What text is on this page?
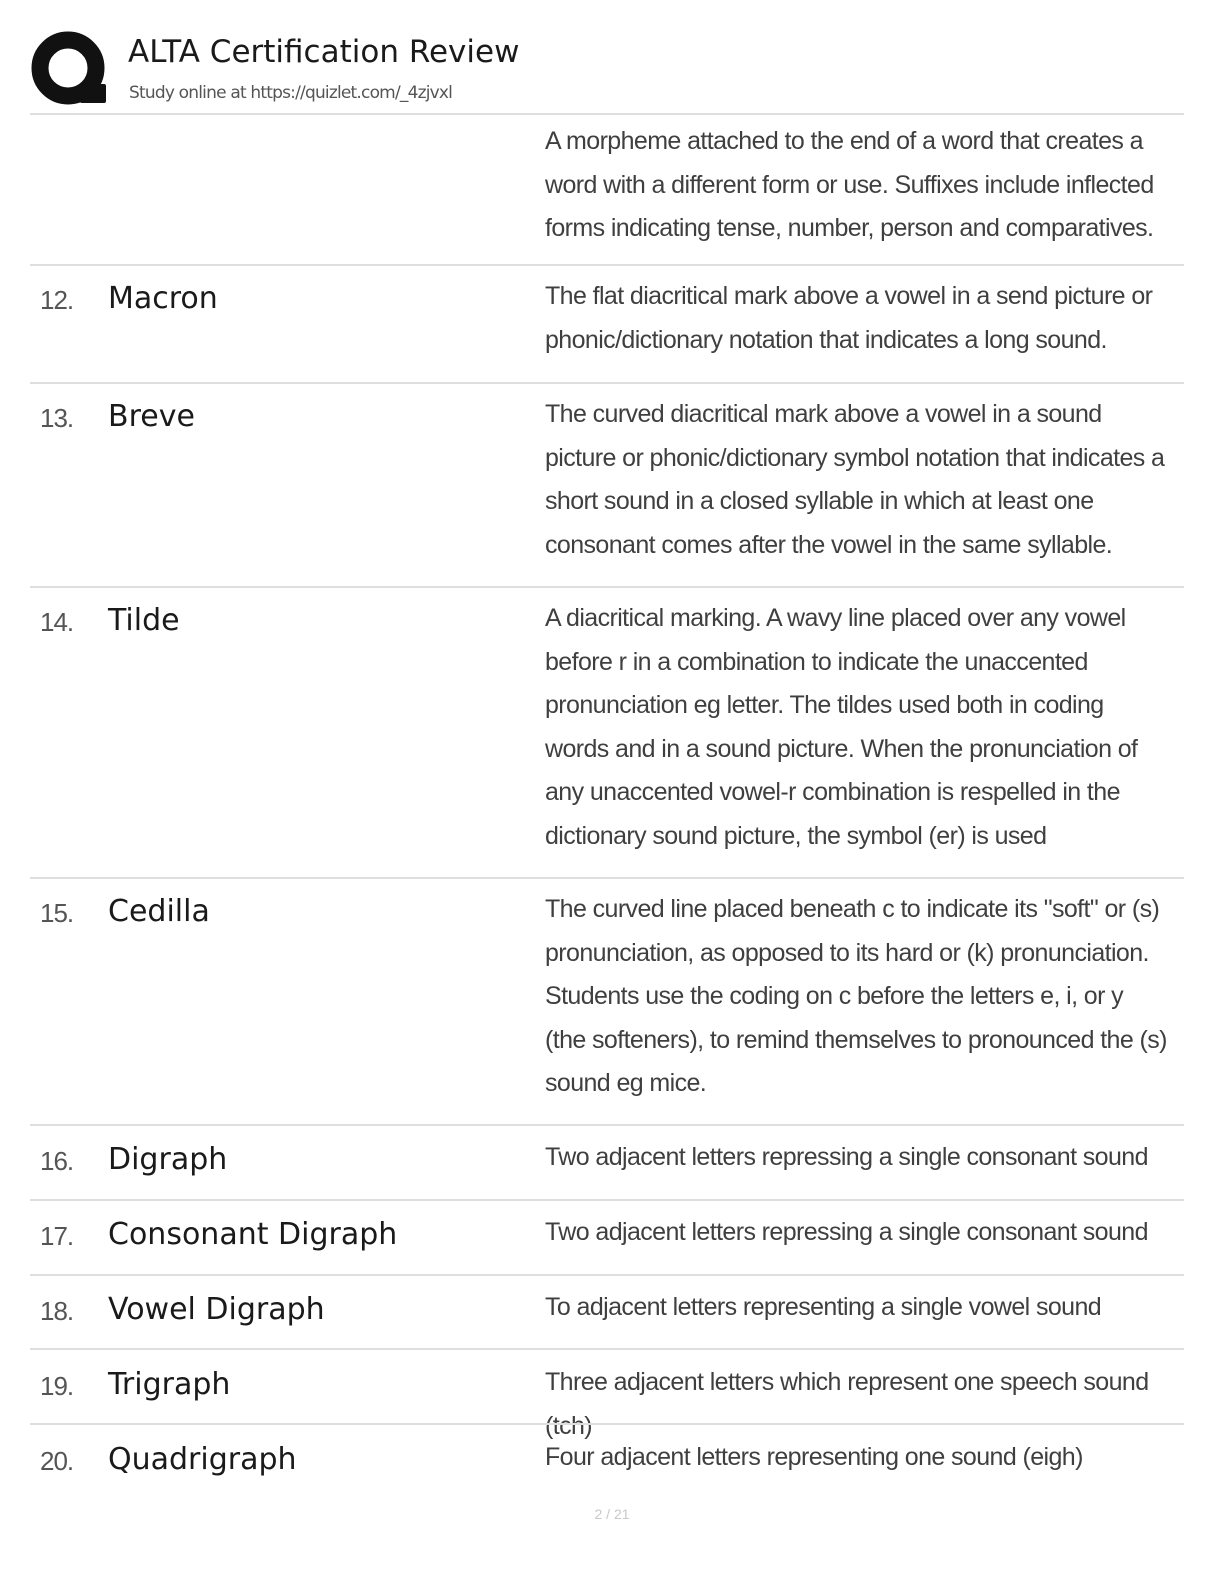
ALTA Certification Review
Study online at https://quizlet.com/_4zjvxl
A morpheme attached to the end of a word that creates a word with a different form or use. Suffixes include inflected forms indicating tense, number, person and comparatives.
12. Macron	The flat diacritical mark above a vowel in a send picture or phonic/dictionary notation that indicates a long sound.
13. Breve	The curved diacritical mark above a vowel in a sound picture or phonic/dictionary symbol notation that indicates a short sound in a closed syllable in which at least one consonant comes after the vowel in the same syllable.
14. Tilde	A diacritical marking. A wavy line placed over any vowel before r in a combination to indicate the unaccented pronunciation eg letter. The tildes used both in coding words and in a sound picture. When the pronunciation of any unaccented vowel-r combination is respelled in the dictionary sound picture, the symbol (er) is used
15. Cedilla	The curved line placed beneath c to indicate its "soft" or (s) pronunciation, as opposed to its hard or (k) pronunciation. Students use the coding on c before the letters e, i, or y (the softeners), to remind themselves to pronounced the (s) sound eg mice.
16. Digraph	Two adjacent letters repressing a single consonant sound
17. Consonant Digraph	Two adjacent letters repressing a single consonant sound
18. Vowel Digraph	To adjacent letters representing a single vowel sound
19. Trigraph	Three adjacent letters which represent one speech sound (tch)
20. Quadrigraph	Four adjacent letters representing one sound (eigh)
2 / 21
